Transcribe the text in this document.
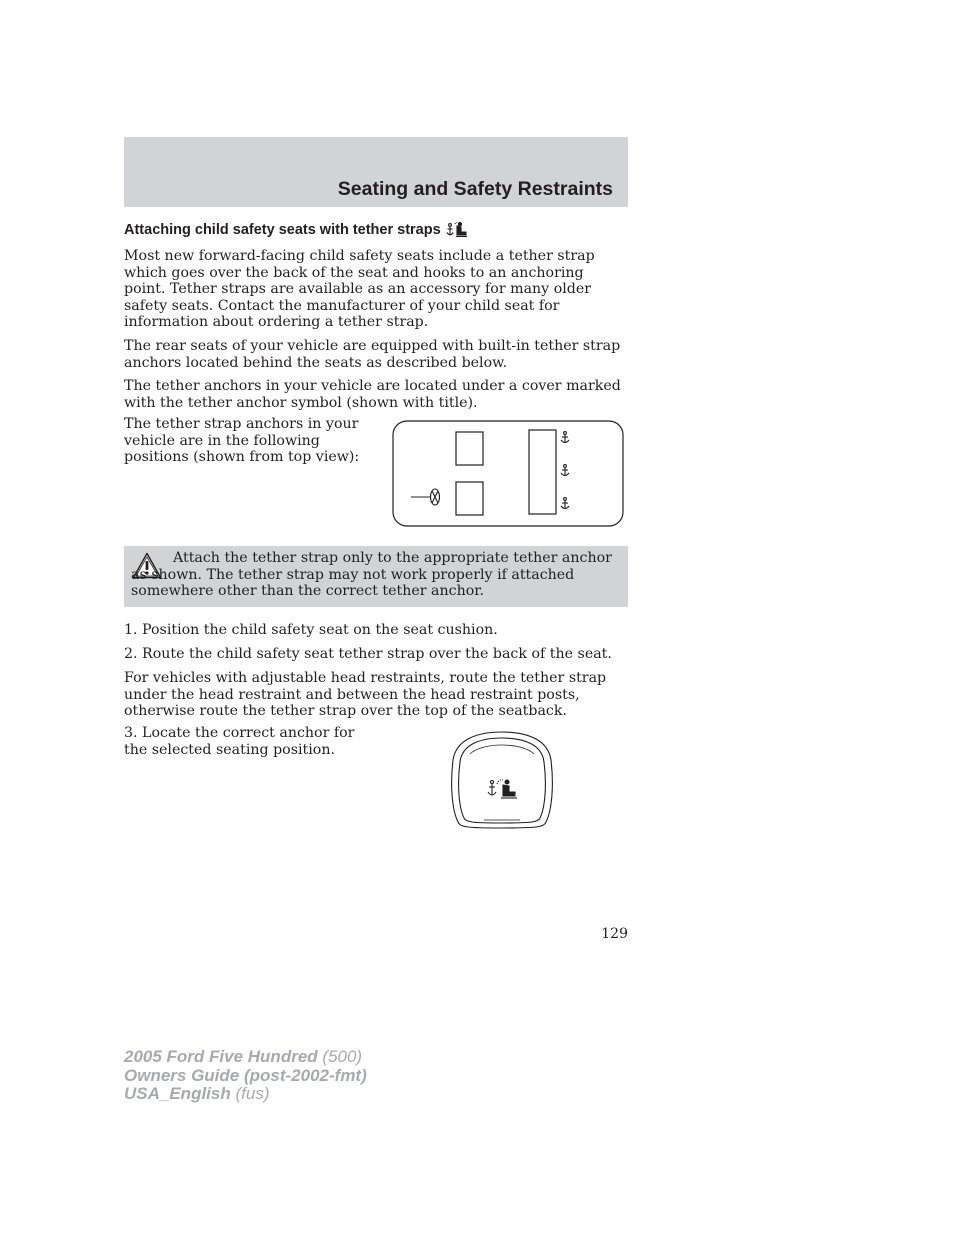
Seating and Safety Restraints
Attaching child safety seats with tether straps

Most new forward-facing child safety seats include a tether strap which goes over the back of the seat and hooks to an anchoring point. Tether straps are available as an accessory for many older safety seats. Contact the manufacturer of your child seat for information about ordering a tether strap.

The rear seats of your vehicle are equipped with built-in tether strap anchors located behind the seats as described below.

The tether anchors in your vehicle are located under a cover marked with the tether anchor symbol (shown with title).

The tether strap anchors in your vehicle are in the following positions (shown from top view):

Attach the tether strap only to the appropriate tether anchor as shown. The tether strap may not work properly if attached somewhere other than the correct tether anchor.

1. Position the child safety seat on the seat cushion.

2. Route the child safety seat tether strap over the back of the seat.

For vehicles with adjustable head restraints, route the tether strap under the head restraint and between the head restraint posts, otherwise route the tether strap over the top of the seatback.

3. Locate the correct anchor for the selected seating position.

129
2005 Ford Five Hundred (500)
Owners Guide (post-2002-fmt)
USA_English (fus)
